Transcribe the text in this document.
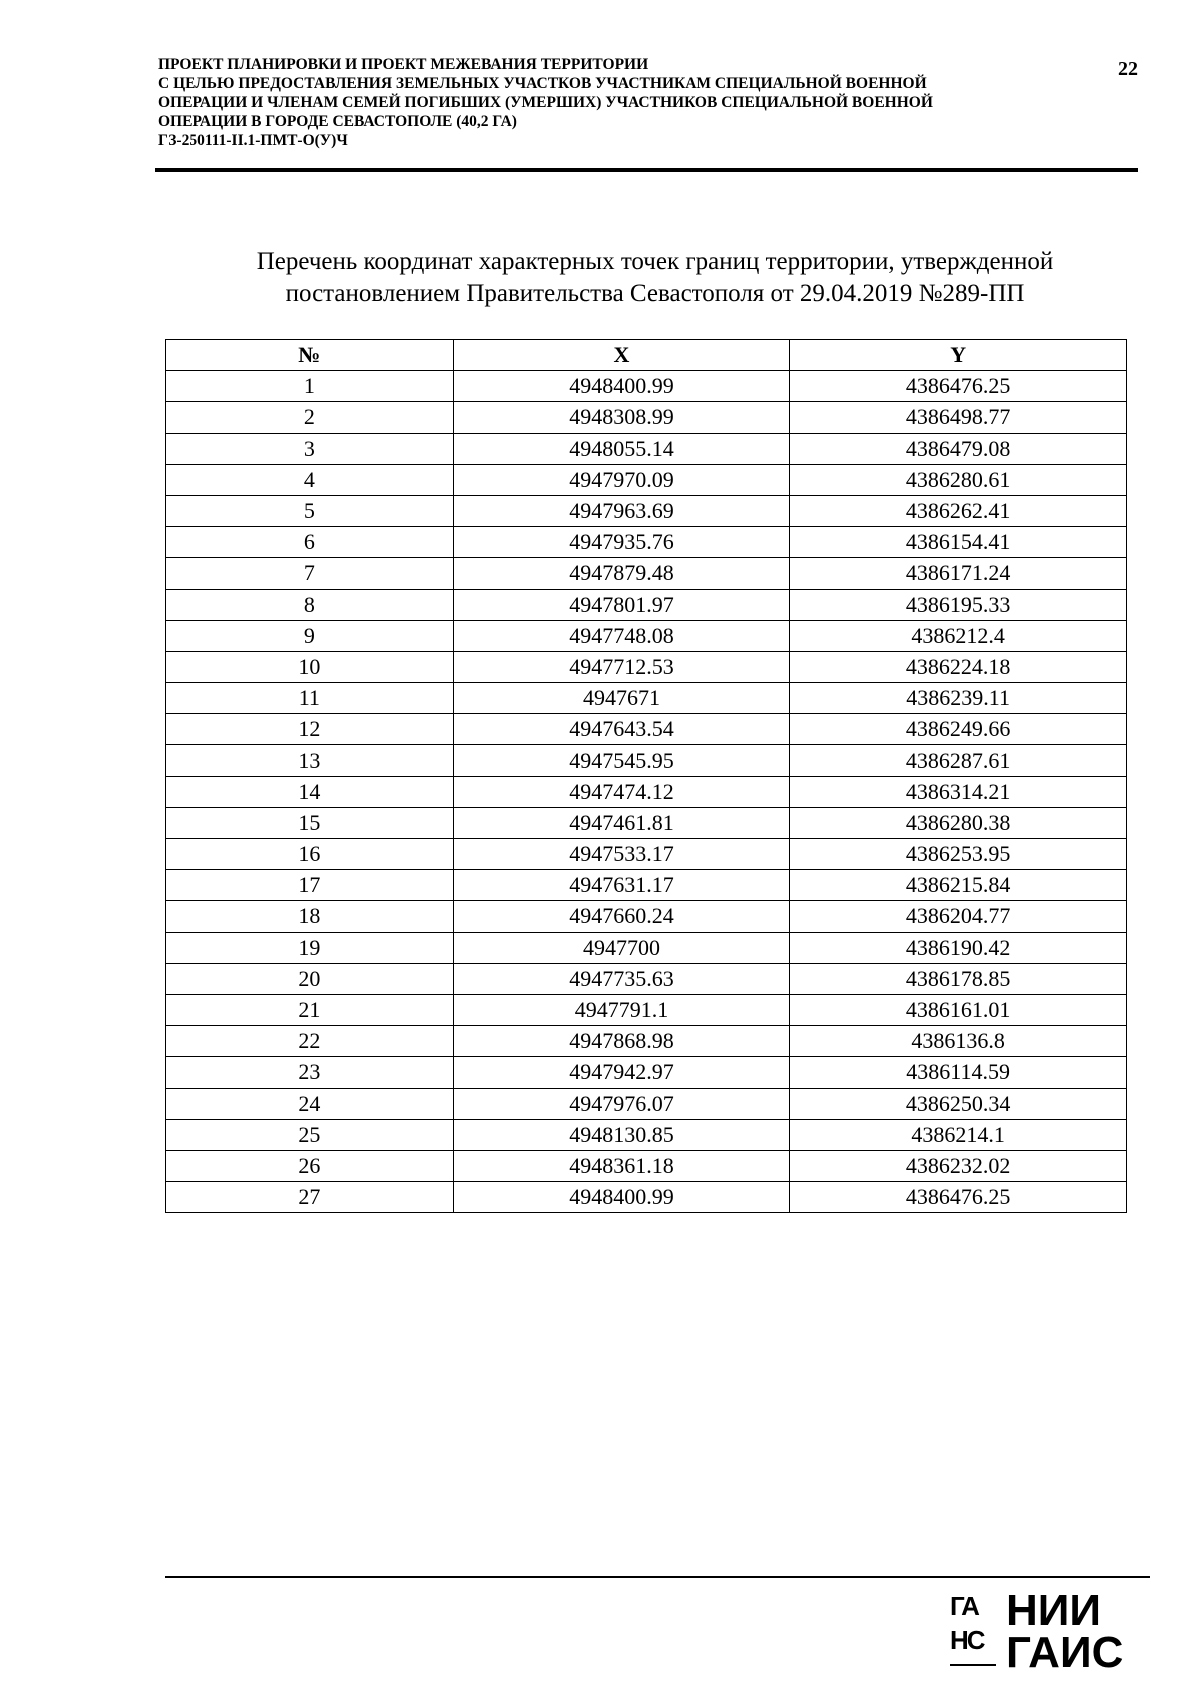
ПРОЕКТ ПЛАНИРОВКИ И ПРОЕКТ МЕЖЕВАНИЯ ТЕРРИТОРИИ
С ЦЕЛЬЮ ПРЕДОСТАВЛЕНИЯ ЗЕМЕЛЬНЫХ УЧАСТКОВ УЧАСТНИКАМ СПЕЦИАЛЬНОЙ ВОЕННОЙ
ОПЕРАЦИИ И ЧЛЕНАМ СЕМЕЙ ПОГИБШИХ (УМЕРШИХ) УЧАСТНИКОВ СПЕЦИАЛЬНОЙ ВОЕННОЙ
ОПЕРАЦИИ В ГОРОДЕ СЕВАСТОПОЛЕ (40,2 ГА)
ГЗ-250111-II.1-ПМТ-О(У)Ч
22
Перечень координат характерных точек границ территории, утвержденной
постановлением Правительства Севастополя от 29.04.2019 №289-ПП
№	X	Y
1	4948400.99	4386476.25
2	4948308.99	4386498.77
3	4948055.14	4386479.08
4	4947970.09	4386280.61
5	4947963.69	4386262.41
6	4947935.76	4386154.41
7	4947879.48	4386171.24
8	4947801.97	4386195.33
9	4947748.08	4386212.4
10	4947712.53	4386224.18
11	4947671	4386239.11
12	4947643.54	4386249.66
13	4947545.95	4386287.61
14	4947474.12	4386314.21
15	4947461.81	4386280.38
16	4947533.17	4386253.95
17	4947631.17	4386215.84
18	4947660.24	4386204.77
19	4947700	4386190.42
20	4947735.63	4386178.85
21	4947791.1	4386161.01
22	4947868.98	4386136.8
23	4947942.97	4386114.59
24	4947976.07	4386250.34
25	4948130.85	4386214.1
26	4948361.18	4386232.02
27	4948400.99	4386476.25
ГА
НС
НИИ
ГАИС
